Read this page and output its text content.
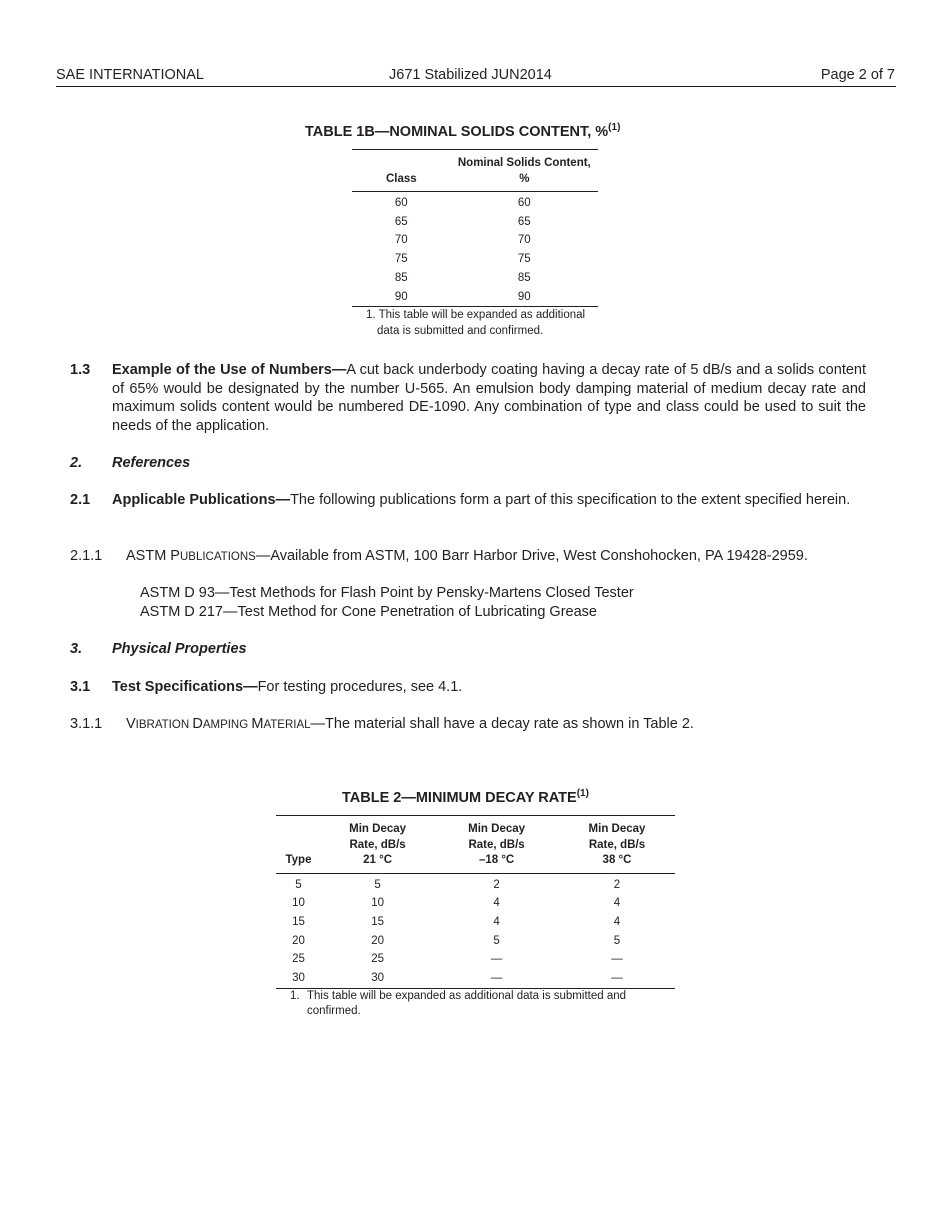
SAE INTERNATIONAL	J671 Stabilized JUN2014	Page 2 of 7
TABLE 1B—NOMINAL SOLIDS CONTENT, %$^{(1)}$
Class	Nominal Solids Content, %
60	60
65	65
70	70
75	75
85	85
90	90
1. This table will be expanded as additional
data is submitted and confirmed.
1.3 Example of the Use of Numbers—A cut back underbody coating having a decay rate of 5 dB/s and a solids content of 65% would be designated by the number U-565. An emulsion body damping material of medium decay rate and maximum solids content would be numbered DE-1090. Any combination of type and class could be used to suit the needs of the application.
2. References
2.1 Applicable Publications—The following publications form a part of this specification to the extent specified herein.
2.1.1 ASTM PUBLICATIONS—Available from ASTM, 100 Barr Harbor Drive, West Conshohocken, PA 19428-2959.
ASTM D 93—Test Methods for Flash Point by Pensky-Martens Closed Tester
ASTM D 217—Test Method for Cone Penetration of Lubricating Grease
3. Physical Properties
3.1 Test Specifications—For testing procedures, see 4.1.
3.1.1 VIBRATION DAMPING MATERIAL—The material shall have a decay rate as shown in Table 2.
TABLE 2—MINIMUM DECAY RATE$^{(1)}$
Type	Min Decay Rate, dB/s 21 °C	Min Decay Rate, dB/s –18 °C	Min Decay Rate, dB/s 38 °C
5	5	2	2
10	10	4	4
15	15	4	4
20	20	5	5
25	25	—	—
30	30	—	—
1. This table will be expanded as additional data is submitted and
confirmed.
